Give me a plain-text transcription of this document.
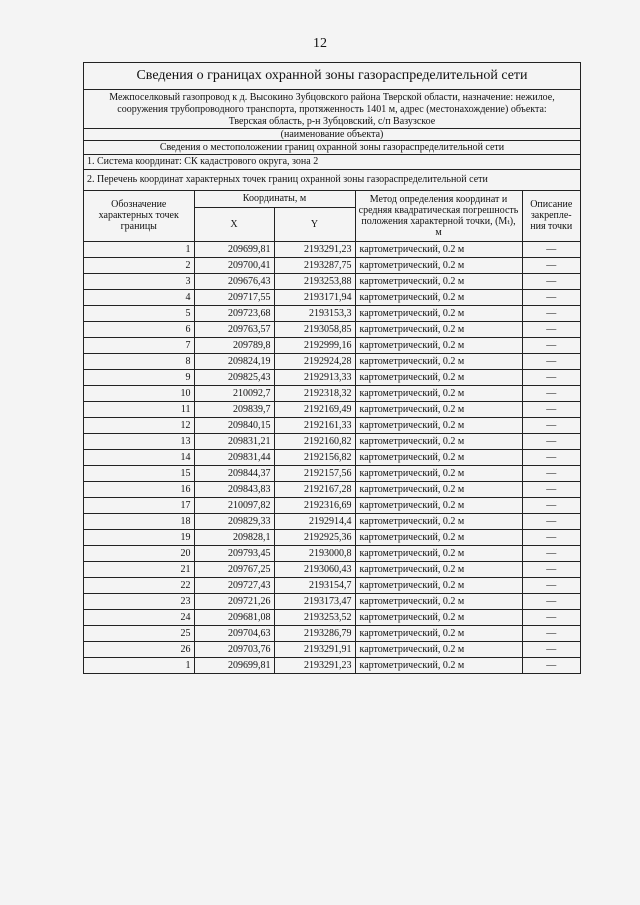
12
Сведения о границах охранной зоны газораспределительной сети

Межпоселковый газопровод к д. Высокино Зубцовского района Тверской области, назначение: нежилое,

сооружения трубопроводного транспорта, протяженность 1401 м, адрес (местонахождение) объекта:

Тверская область, р-н Зубцовский, с/п Вазузское

(наименование объекта)
Сведения о местоположении границ охранной зоны газораспределительной сети
1. Система координат: СК кадастрового округа, зона 2
2. Перечень координат характерных точек границ охранной зоны газораспределительной сети
Обозначение характерных точек границы	Координаты, м		Метод определения координат и средняя квадратическая погрешность положения характерной точки, (Mₜ), м	Описание закрепле-ния точки
	X	Y		
1	209699,81	2193291,23	картометрический, 0.2 м	—
2	209700,41	2193287,75	картометрический, 0.2 м	—
3	209676,43	2193253,88	картометрический, 0.2 м	—
4	209717,55	2193171,94	картометрический, 0.2 м	—
5	209723,68	2193153,3	картометрический, 0.2 м	—
6	209763,57	2193058,85	картометрический, 0.2 м	—
7	209789,8	2192999,16	картометрический, 0.2 м	—
8	209824,19	2192924,28	картометрический, 0.2 м	—
9	209825,43	2192913,33	картометрический, 0.2 м	—
10	210092,7	2192318,32	картометрический, 0.2 м	—
11	209839,7	2192169,49	картометрический, 0.2 м	—
12	209840,15	2192161,33	картометрический, 0.2 м	—
13	209831,21	2192160,82	картометрический, 0.2 м	—
14	209831,44	2192156,82	картометрический, 0.2 м	—
15	209844,37	2192157,56	картометрический, 0.2 м	—
16	209843,83	2192167,28	картометрический, 0.2 м	—
17	210097,82	2192316,69	картометрический, 0.2 м	—
18	209829,33	2192914,4	картометрический, 0.2 м	—
19	209828,1	2192925,36	картометрический, 0.2 м	—
20	209793,45	2193000,8	картометрический, 0.2 м	—
21	209767,25	2193060,43	картометрический, 0.2 м	—
22	209727,43	2193154,7	картометрический, 0.2 м	—
23	209721,26	2193173,47	картометрический, 0.2 м	—
24	209681,08	2193253,52	картометрический, 0.2 м	—
25	209704,63	2193286,79	картометрический, 0.2 м	—
26	209703,76	2193291,91	картометрический, 0.2 м	—
1	209699,81	2193291,23	картометрический, 0.2 м	—
